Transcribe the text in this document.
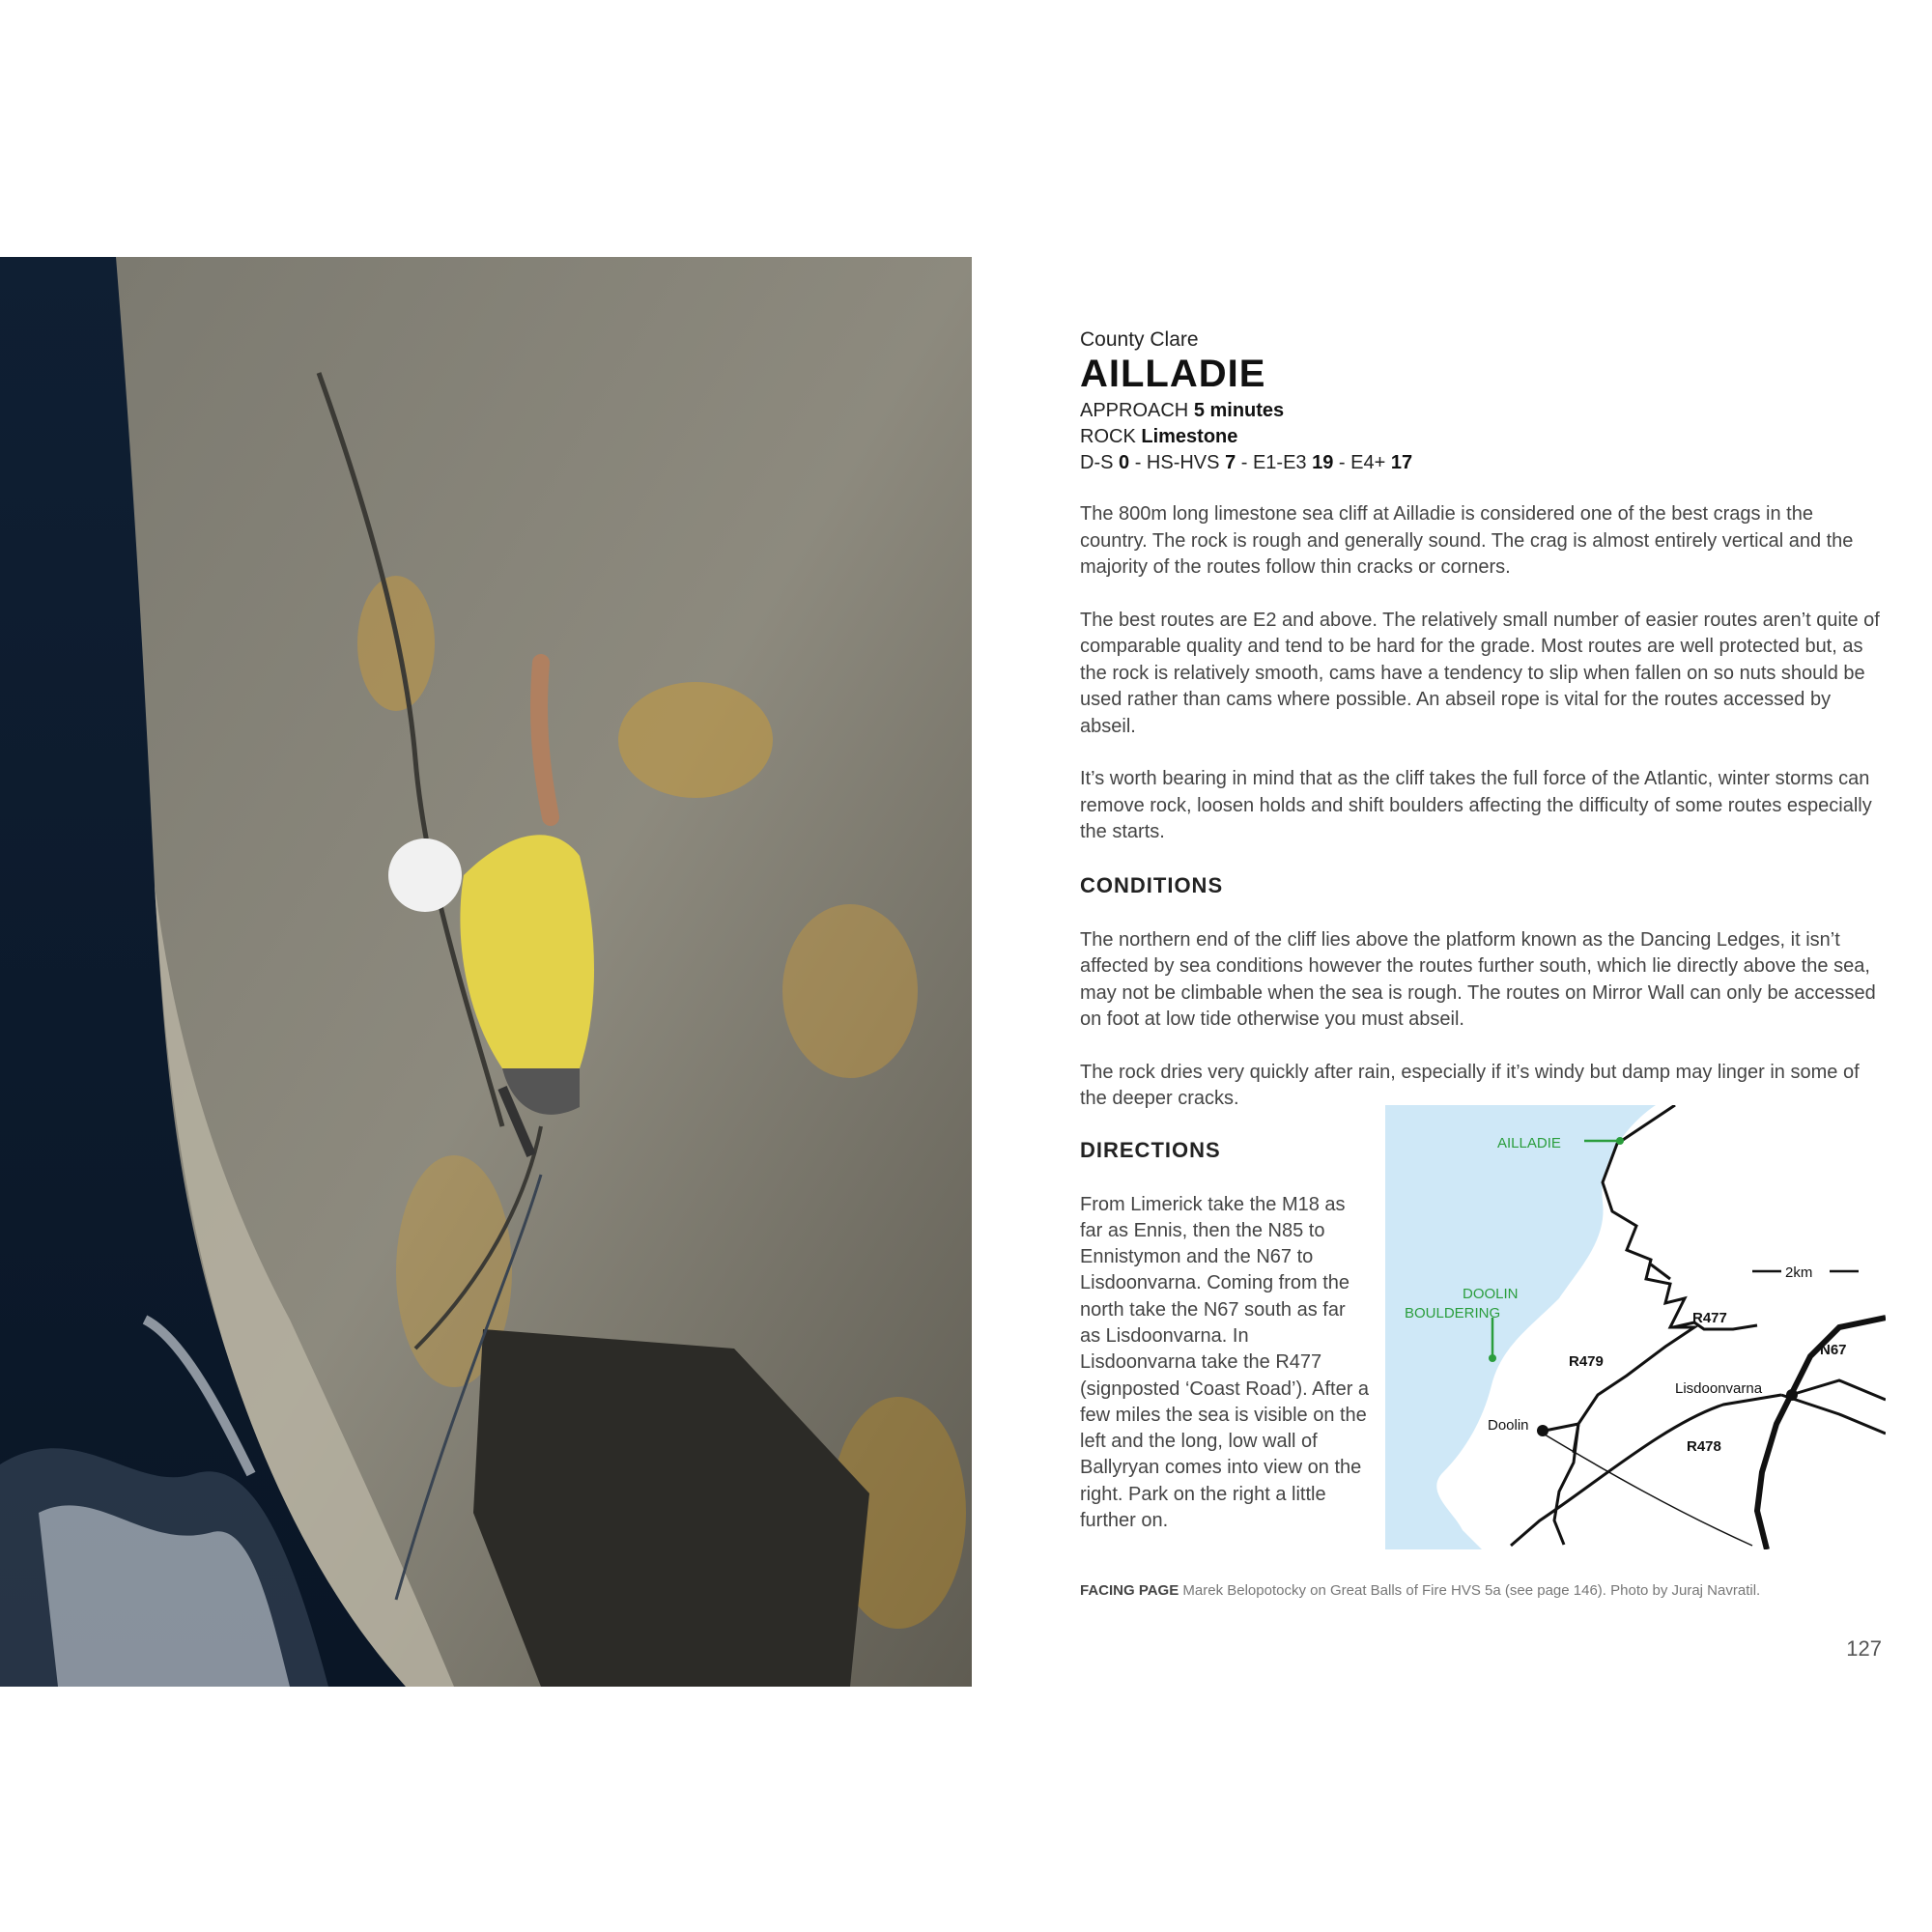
County Clare

AILLADIE

APPROACH 5 minutes

ROCK Limestone

D-S 0 - HS-HVS 7 - E1-E3 19 - E4+ 17

The 800m long limestone sea cliff at Ailladie is considered one of the best crags in the country. The rock is rough and generally sound. The crag is almost entirely vertical and the majority of the routes follow thin cracks or corners.

The best routes are E2 and above. The relatively small number of easier routes aren’t quite of comparable quality and tend to be hard for the grade. Most routes are well protected but, as the rock is relatively smooth, cams have a tendency to slip when fallen on so nuts should be used rather than cams where possible. An abseil rope is vital for the routes accessed by abseil.

It’s worth bearing in mind that as the cliff takes the full force of the Atlantic, winter storms can remove rock, loosen holds and shift boulders affecting the difficulty of some routes especially the starts.

CONDITIONS

The northern end of the cliff lies above the platform known as the Dancing Ledges, it isn’t affected by sea conditions however the routes further south, which lie directly above the sea, may not be climbable when the sea is rough. The routes on Mirror Wall can only be accessed on foot at low tide otherwise you must abseil.

The rock dries very quickly after rain, especially if it’s windy but damp may linger in some of the deeper cracks.

DIRECTIONS

From Limerick take the M18 as far as Ennis, then the N85 to Ennistymon and the N67 to Lisdoonvarna. Coming from the north take the N67 south as far as Lisdoonvarna. In Lisdoonvarna take the R477 (signposted ‘Coast Road’). After a few miles the sea is visible on the left and the long, low wall of Ballyryan comes into view on the right. Park on the right a little further on.

AILLADIE
DOOLIN
BOULDERING
2km
R477
N67
R479
Lisdoonvarna
Doolin
R478
FACING PAGE Marek Belopotocky on Great Balls of Fire HVS 5a (see page 146). Photo by Juraj Navratil.
127
